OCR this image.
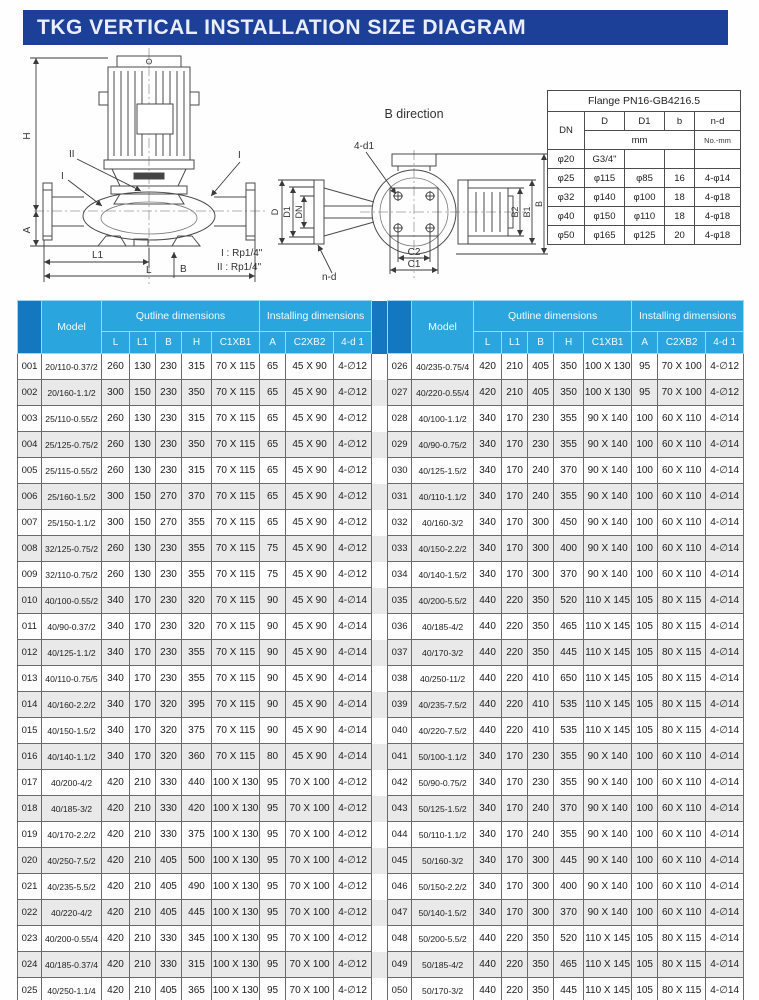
TKG VERTICAL INSTALLATION SIZE DIAGRAM
H
A
L1
L	B
II
I
I
I : Rp1/4"
II : Rp1/4"
B direction
D D1 DN
4-d1
n-d
B2 B1
B
C2
C1
Flange PN16-GB4216.5				
DN	D	D1	b	n-d
	mm			No.-mm
φ20	G3/4"			
φ25	φ115	φ85	16	4-φ14
φ32	φ140	φ100	18	4-φ18
φ40	φ150	φ110	18	4-φ18
φ50	φ165	φ125	20	4-φ18
	Model	Qutline dimensions					Installing dimensions					Model	Qutline dimensions					Installing dimensions		
		L	L1	B	H	C1XB1	A	C2XB2	4-d 1				L	L1	B	H	C1XB1	A	C2XB2	4-d 1
001	20/110-0.37/2	260	130	230	315	70 X 115	65	45 X 90	4-∅12		026	40/235-0.75/4	420	210	405	350	100 X 130	95	70 X 100	4-∅12
002	20/160-1.1/2	300	150	230	350	70 X 115	65	45 X 90	4-∅12		027	40/220-0.55/4	420	210	405	350	100 X 130	95	70 X 100	4-∅12
003	25/110-0.55/2	260	130	230	315	70 X 115	65	45 X 90	4-∅12		028	40/100-1.1/2	340	170	230	355	90 X 140	100	60 X 110	4-∅14
004	25/125-0.75/2	260	130	230	350	70 X 115	65	45 X 90	4-∅12		029	40/90-0.75/2	340	170	230	355	90 X 140	100	60 X 110	4-∅14
005	25/115-0.55/2	260	130	230	315	70 X 115	65	45 X 90	4-∅12		030	40/125-1.5/2	340	170	240	370	90 X 140	100	60 X 110	4-∅14
006	25/160-1.5/2	300	150	270	370	70 X 115	65	45 X 90	4-∅12		031	40/110-1.1/2	340	170	240	355	90 X 140	100	60 X 110	4-∅14
007	25/150-1.1/2	300	150	270	355	70 X 115	65	45 X 90	4-∅12		032	40/160-3/2	340	170	300	450	90 X 140	100	60 X 110	4-∅14
008	32/125-0.75/2	260	130	230	355	70 X 115	75	45 X 90	4-∅12		033	40/150-2.2/2	340	170	300	400	90 X 140	100	60 X 110	4-∅14
009	32/110-0.75/2	260	130	230	355	70 X 115	75	45 X 90	4-∅12		034	40/140-1.5/2	340	170	300	370	90 X 140	100	60 X 110	4-∅14
010	40/100-0.55/2	340	170	230	320	70 X 115	90	45 X 90	4-∅14		035	40/200-5.5/2	440	220	350	520	110 X 145	105	80 X 115	4-∅14
011	40/90-0.37/2	340	170	230	320	70 X 115	90	45 X 90	4-∅14		036	40/185-4/2	440	220	350	465	110 X 145	105	80 X 115	4-∅14
012	40/125-1.1/2	340	170	230	355	70 X 115	90	45 X 90	4-∅14		037	40/170-3/2	440	220	350	445	110 X 145	105	80 X 115	4-∅14
013	40/110-0.75/5	340	170	230	355	70 X 115	90	45 X 90	4-∅14		038	40/250-11/2	440	220	410	650	110 X 145	105	80 X 115	4-∅14
014	40/160-2.2/2	340	170	320	395	70 X 115	90	45 X 90	4-∅14		039	40/235-7.5/2	440	220	410	535	110 X 145	105	80 X 115	4-∅14
015	40/150-1.5/2	340	170	320	375	70 X 115	90	45 X 90	4-∅14		040	40/220-7.5/2	440	220	410	535	110 X 145	105	80 X 115	4-∅14
016	40/140-1.1/2	340	170	320	360	70 X 115	80	45 X 90	4-∅14		041	50/100-1.1/2	340	170	230	355	90 X 140	100	60 X 110	4-∅14
017	40/200-4/2	420	210	330	440	100 X 130	95	70 X 100	4-∅12		042	50/90-0.75/2	340	170	230	355	90 X 140	100	60 X 110	4-∅14
018	40/185-3/2	420	210	330	420	100 X 130	95	70 X 100	4-∅12		043	50/125-1.5/2	340	170	240	370	90 X 140	100	60 X 110	4-∅14
019	40/170-2.2/2	420	210	330	375	100 X 130	95	70 X 100	4-∅12		044	50/110-1.1/2	340	170	240	355	90 X 140	100	60 X 110	4-∅14
020	40/250-7.5/2	420	210	405	500	100 X 130	95	70 X 100	4-∅12		045	50/160-3/2	340	170	300	445	90 X 140	100	60 X 110	4-∅14
021	40/235-5.5/2	420	210	405	490	100 X 130	95	70 X 100	4-∅12		046	50/150-2.2/2	340	170	300	400	90 X 140	100	60 X 110	4-∅14
022	40/220-4/2	420	210	405	445	100 X 130	95	70 X 100	4-∅12		047	50/140-1.5/2	340	170	300	370	90 X 140	100	60 X 110	4-∅14
023	40/200-0.55/4	420	210	330	345	100 X 130	95	70 X 100	4-∅12		048	50/200-5.5/2	440	220	350	520	110 X 145	105	80 X 115	4-∅14
024	40/185-0.37/4	420	210	330	315	100 X 130	95	70 X 100	4-∅12		049	50/185-4/2	440	220	350	465	110 X 145	105	80 X 115	4-∅14
025	40/250-1.1/4	420	210	405	365	100 X 130	95	70 X 100	4-∅12		050	50/170-3/2	440	220	350	445	110 X 145	105	80 X 115	4-∅14
